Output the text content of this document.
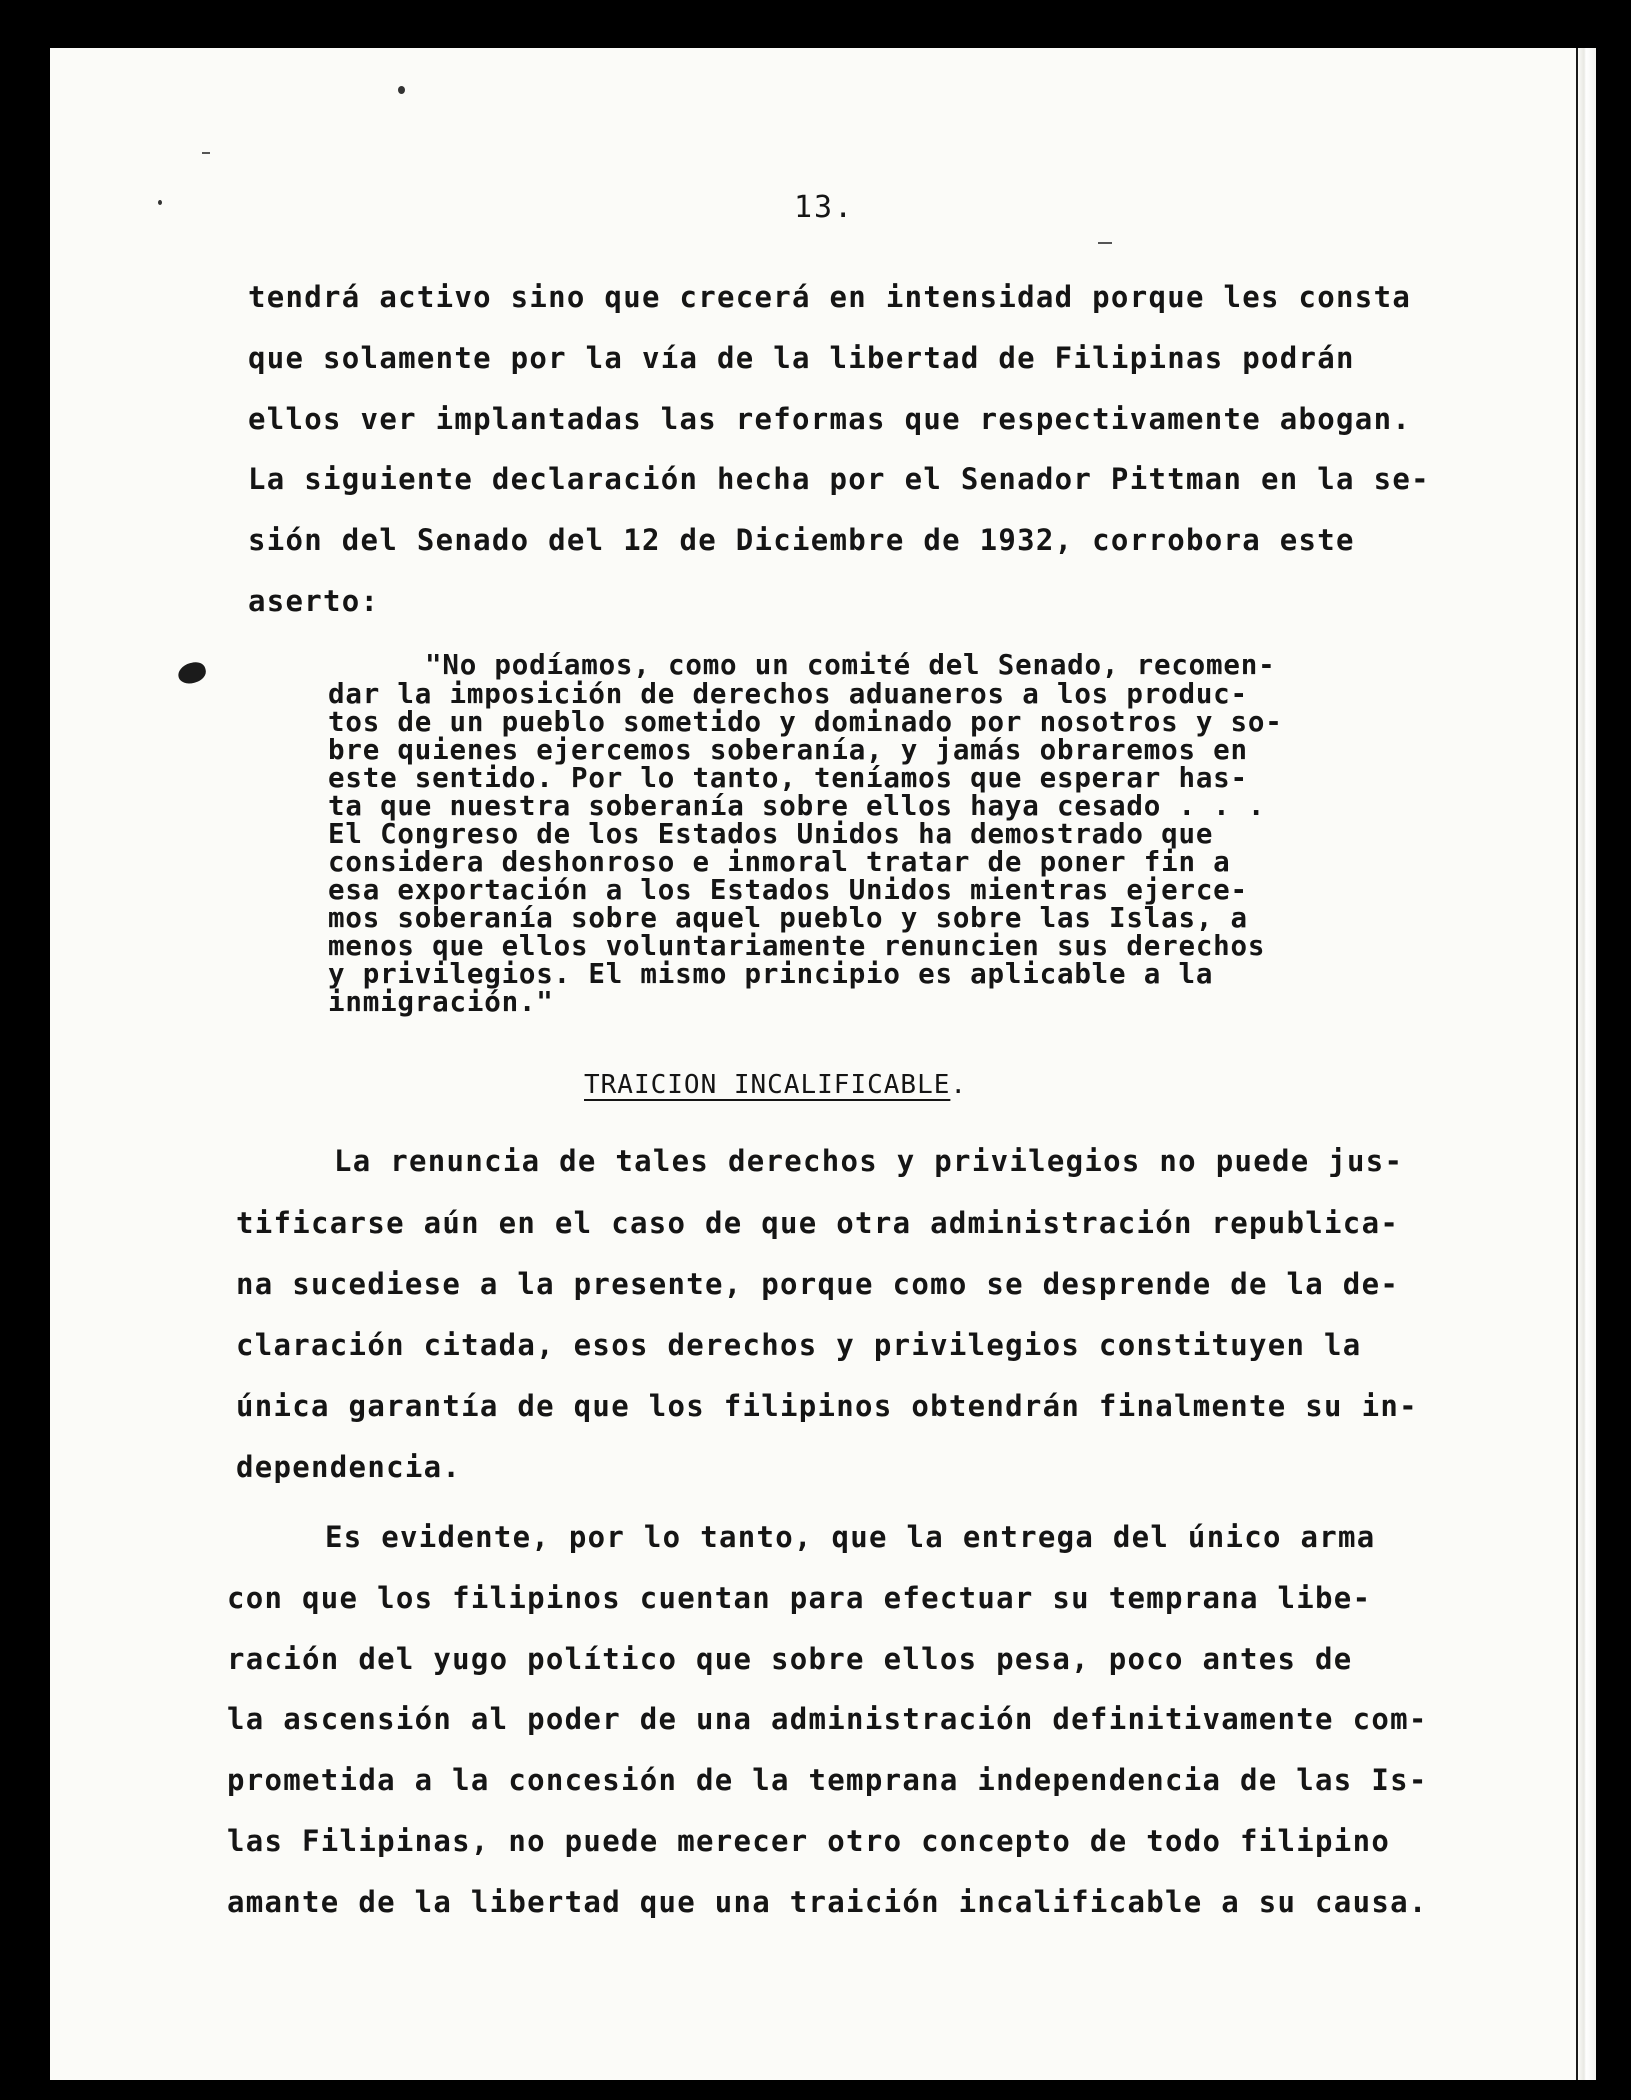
13.

tendrá activo sino que crecerá en intensidad porque les consta

que solamente por la vía de la libertad de Filipinas podrán

ellos ver implantadas las reformas que respectivamente abogan.

La siguiente declaración hecha por el Senador Pittman en la se-

sión del Senado del 12 de Diciembre de 1932, corrobora este

aserto:

"No podíamos, como un comité del Senado, recomen-

dar la imposición de derechos aduaneros a los produc-

tos de un pueblo sometido y dominado por nosotros y so-

bre quienes ejercemos soberanía, y jamás obraremos en

este sentido. Por lo tanto, teníamos que esperar has-

ta que nuestra soberanía sobre ellos haya cesado . . .

El Congreso de los Estados Unidos ha demostrado que

considera deshonroso e inmoral tratar de poner fin a

esa exportación a los Estados Unidos mientras ejerce-

mos soberanía sobre aquel pueblo y sobre las Islas, a

menos que ellos voluntariamente renuncien sus derechos

y privilegios. El mismo principio es aplicable a la

inmigración."

TRAICION INCALIFICABLE.

La renuncia de tales derechos y privilegios no puede jus-

tificarse aún en el caso de que otra administración republica-

na sucediese a la presente, porque como se desprende de la de-

claración citada, esos derechos y privilegios constituyen la

única garantía de que los filipinos obtendrán finalmente su in-

dependencia.

Es evidente, por lo tanto, que la entrega del único arma

con que los filipinos cuentan para efectuar su temprana libe-

ración del yugo político que sobre ellos pesa, poco antes de

la ascensión al poder de una administración definitivamente com-

prometida a la concesión de la temprana independencia de las Is-

las Filipinas, no puede merecer otro concepto de todo filipino

amante de la libertad que una traición incalificable a su causa.
